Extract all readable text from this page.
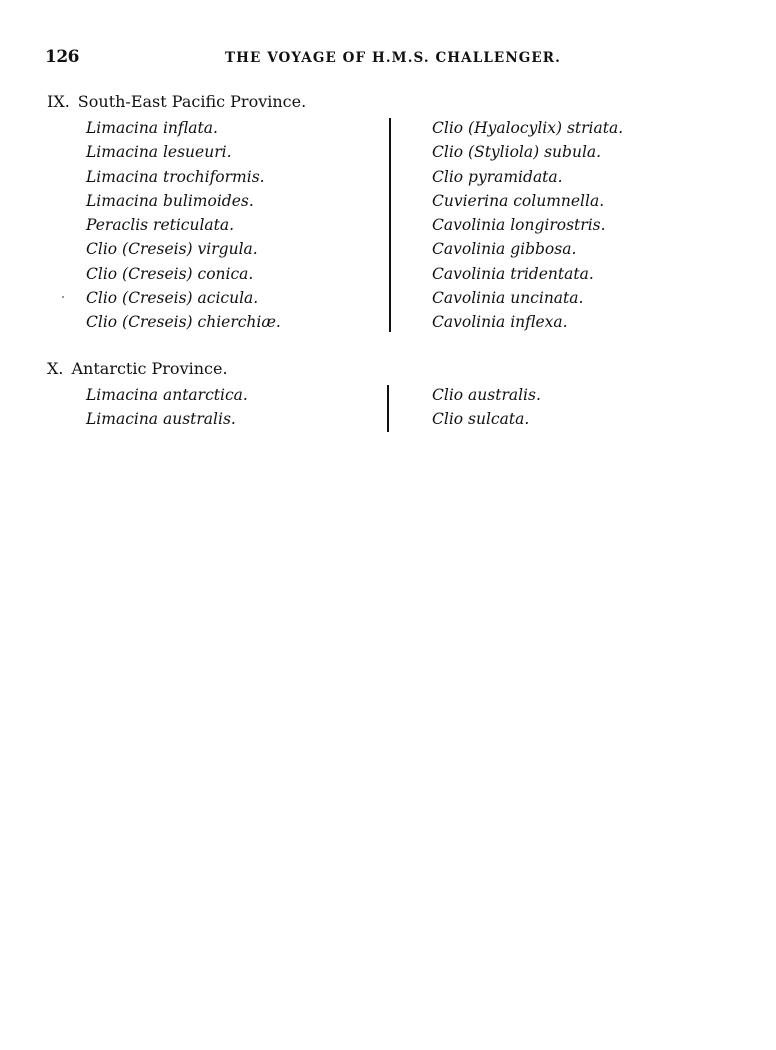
126	THE VOYAGE OF H.M.S. CHALLENGER.
IX. South-East Pacific Province.
Limacina inflata.
Limacina lesueuri.
Limacina trochiformis.
Limacina bulimoides.
Peraclis reticulata.
Clio (Creseis) virgula.
Clio (Creseis) conica.
Clio (Creseis) acicula.
Clio (Creseis) chierchiæ.
Clio (Hyalocylix) striata.
Clio (Styliola) subula.
Clio pyramidata.
Cuvierina columnella.
Cavolinia longirostris.
Cavolinia gibbosa.
Cavolinia tridentata.
Cavolinia uncinata.
Cavolinia inflexa.
X. Antarctic Province.
Limacina antarctica.
Limacina australis.
Clio australis.
Clio sulcata.
